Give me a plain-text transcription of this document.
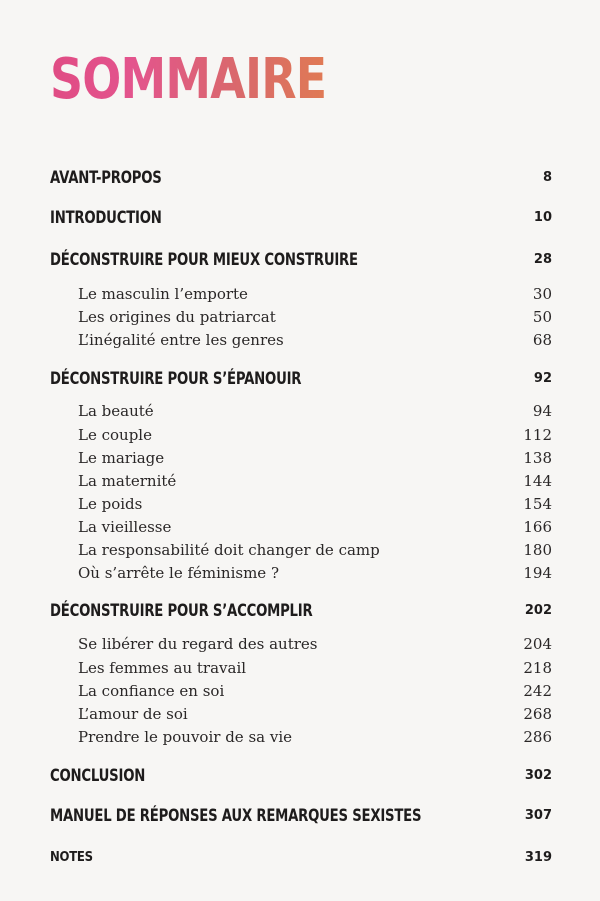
SOMMAIRE
AVANT-PROPOS	8
INTRODUCTION	10
DÉCONSTRUIRE POUR MIEUX CONSTRUIRE	28
Le masculin l’emporte	30
Les origines du patriarcat	50
L’inégalité entre les genres	68
DÉCONSTRUIRE POUR S’ÉPANOUIR	92
La beauté	94
Le couple	112
Le mariage	138
La maternité	144
Le poids	154
La vieillesse	166
La responsabilité doit changer de camp	180
Où s’arrête le féminisme ?	194
DÉCONSTRUIRE POUR S’ACCOMPLIR	202
Se libérer du regard des autres	204
Les femmes au travail	218
La confiance en soi	242
L’amour de soi	268
Prendre le pouvoir de sa vie	286
CONCLUSION	302
MANUEL DE RÉPONSES AUX REMARQUES SEXISTES	307
NOTES	319
